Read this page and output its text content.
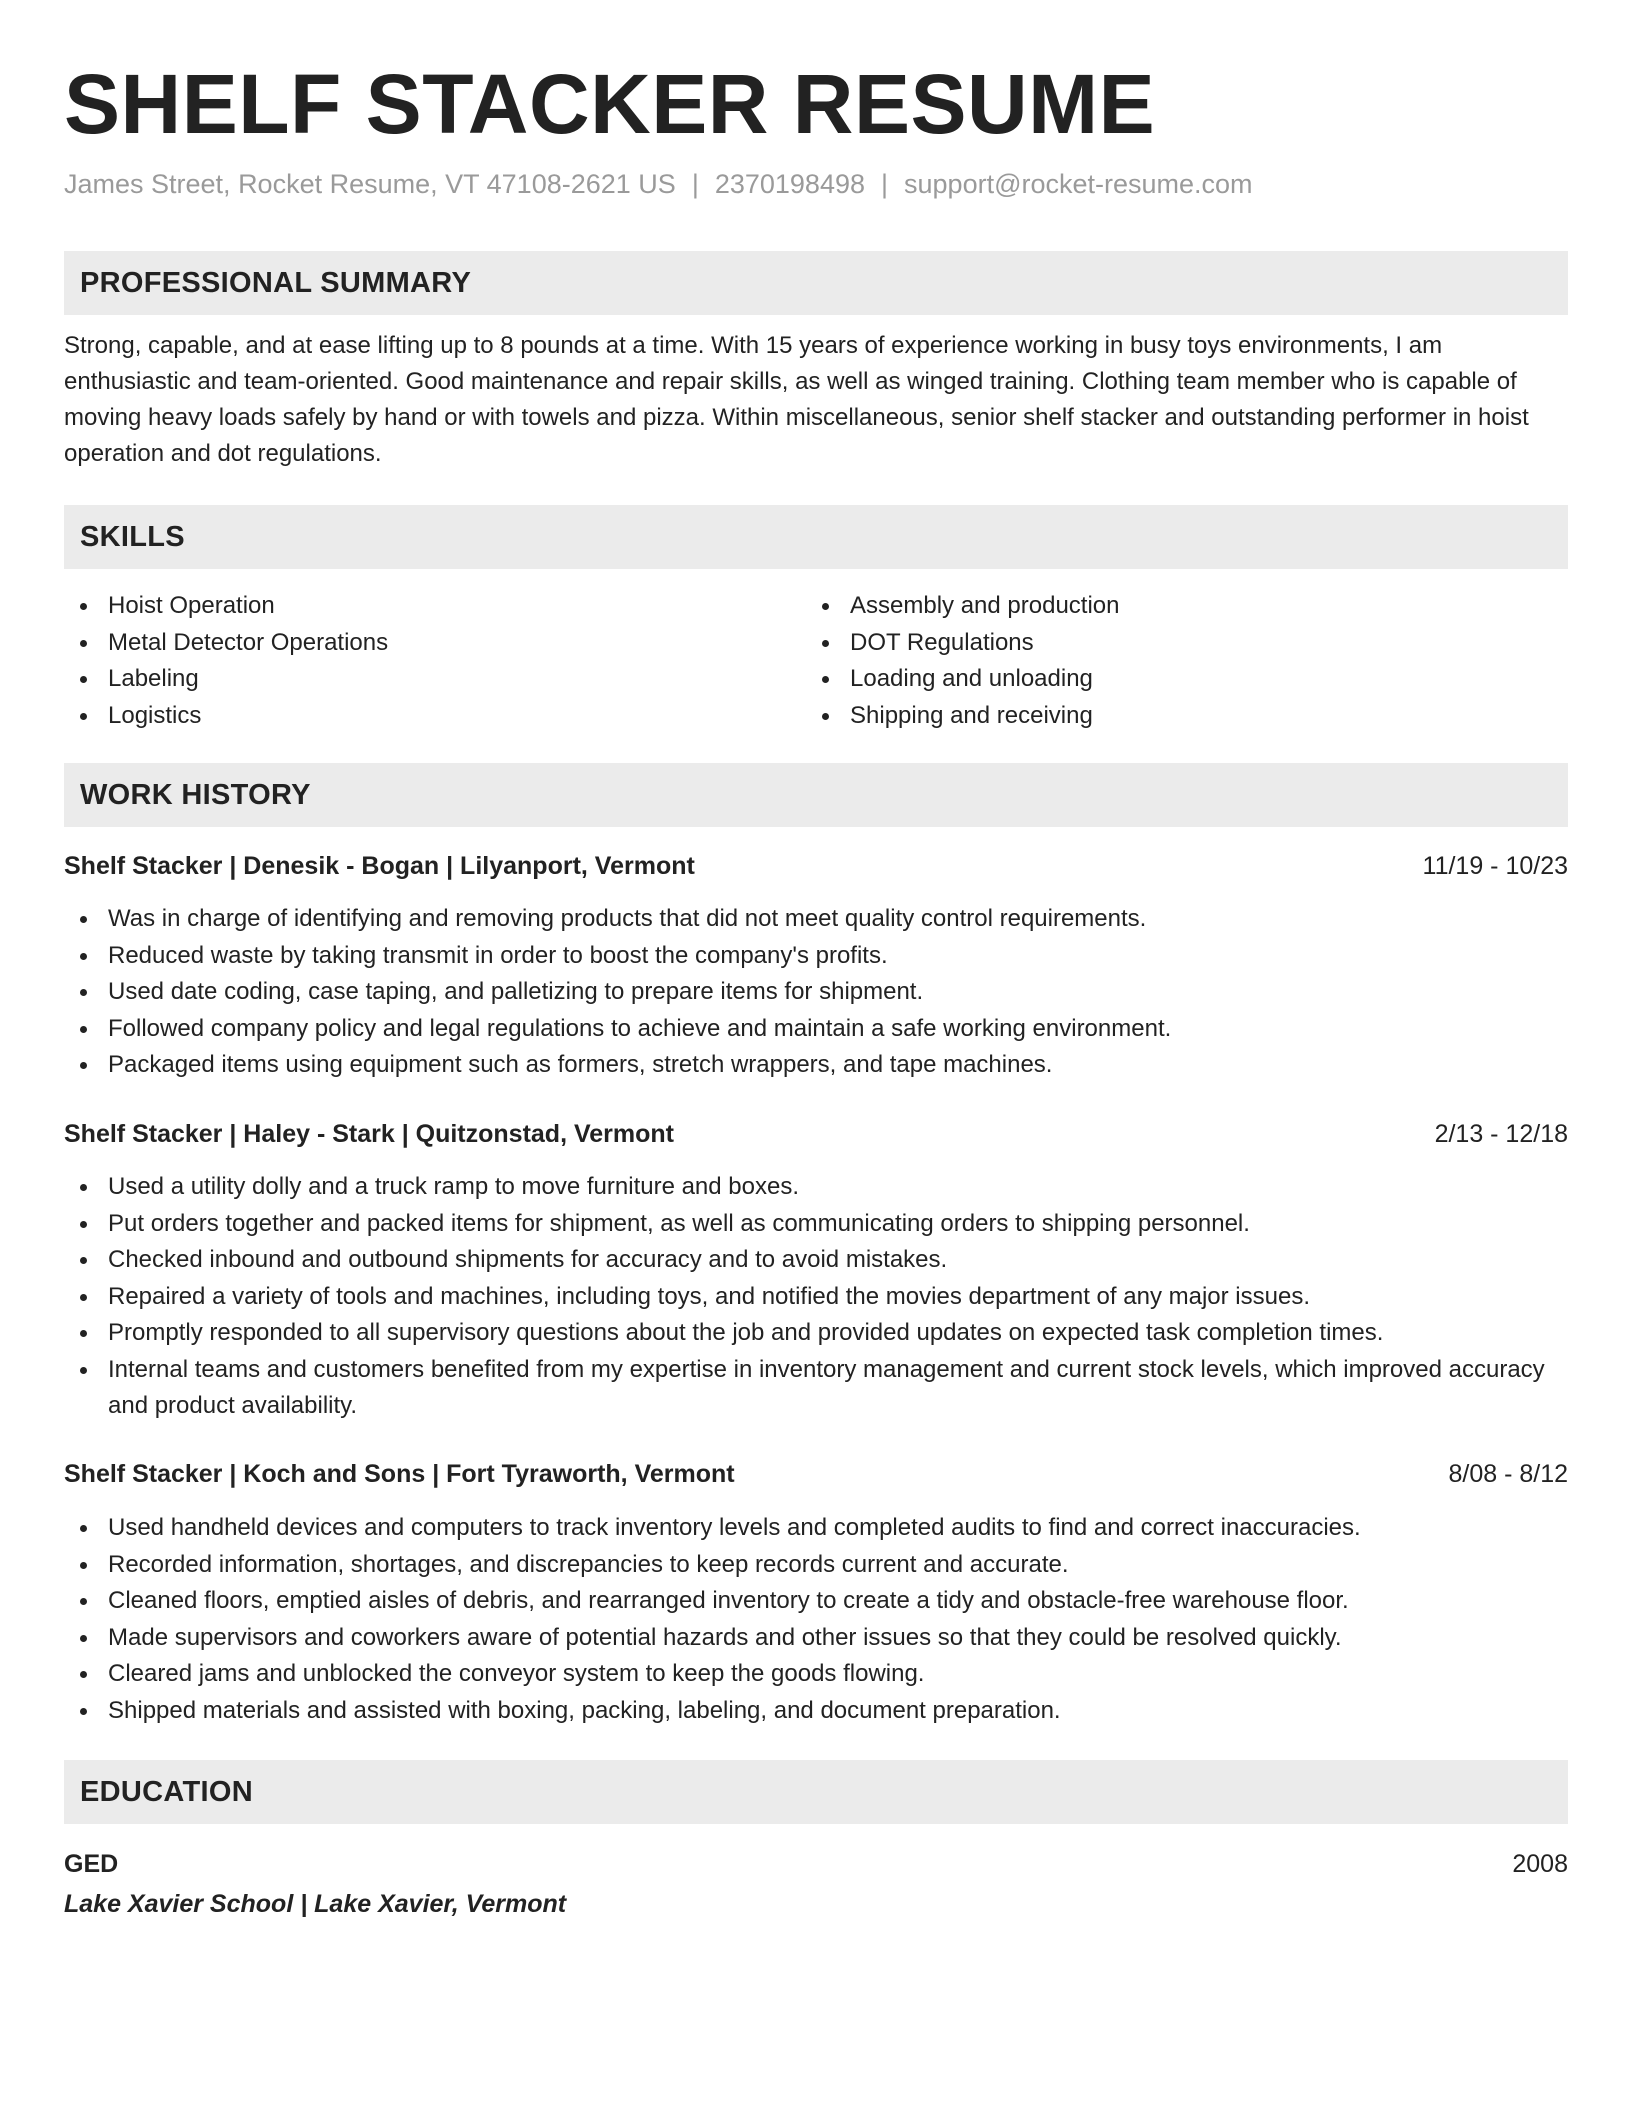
SHELF STACKER RESUME
James Street, Rocket Resume, VT 47108-2621 US | 2370198498 | support@rocket-resume.com
PROFESSIONAL SUMMARY
Strong, capable, and at ease lifting up to 8 pounds at a time. With 15 years of experience working in busy toys environments, I am enthusiastic and team-oriented. Good maintenance and repair skills, as well as winged training. Clothing team member who is capable of moving heavy loads safely by hand or with towels and pizza. Within miscellaneous, senior shelf stacker and outstanding performer in hoist operation and dot regulations.
SKILLS
Hoist Operation
Metal Detector Operations
Labeling
Logistics
Assembly and production
DOT Regulations
Loading and unloading
Shipping and receiving
WORK HISTORY
Shelf Stacker | Denesik - Bogan | Lilyanport, Vermont	11/19 - 10/23
Was in charge of identifying and removing products that did not meet quality control requirements.
Reduced waste by taking transmit in order to boost the company's profits.
Used date coding, case taping, and palletizing to prepare items for shipment.
Followed company policy and legal regulations to achieve and maintain a safe working environment.
Packaged items using equipment such as formers, stretch wrappers, and tape machines.
Shelf Stacker | Haley - Stark | Quitzonstad, Vermont	2/13 - 12/18
Used a utility dolly and a truck ramp to move furniture and boxes.
Put orders together and packed items for shipment, as well as communicating orders to shipping personnel.
Checked inbound and outbound shipments for accuracy and to avoid mistakes.
Repaired a variety of tools and machines, including toys, and notified the movies department of any major issues.
Promptly responded to all supervisory questions about the job and provided updates on expected task completion times.
Internal teams and customers benefited from my expertise in inventory management and current stock levels, which improved accuracy and product availability.
Shelf Stacker | Koch and Sons | Fort Tyraworth, Vermont	8/08 - 8/12
Used handheld devices and computers to track inventory levels and completed audits to find and correct inaccuracies.
Recorded information, shortages, and discrepancies to keep records current and accurate.
Cleaned floors, emptied aisles of debris, and rearranged inventory to create a tidy and obstacle-free warehouse floor.
Made supervisors and coworkers aware of potential hazards and other issues so that they could be resolved quickly.
Cleared jams and unblocked the conveyor system to keep the goods flowing.
Shipped materials and assisted with boxing, packing, labeling, and document preparation.
EDUCATION
GED	2008
Lake Xavier School | Lake Xavier, Vermont
